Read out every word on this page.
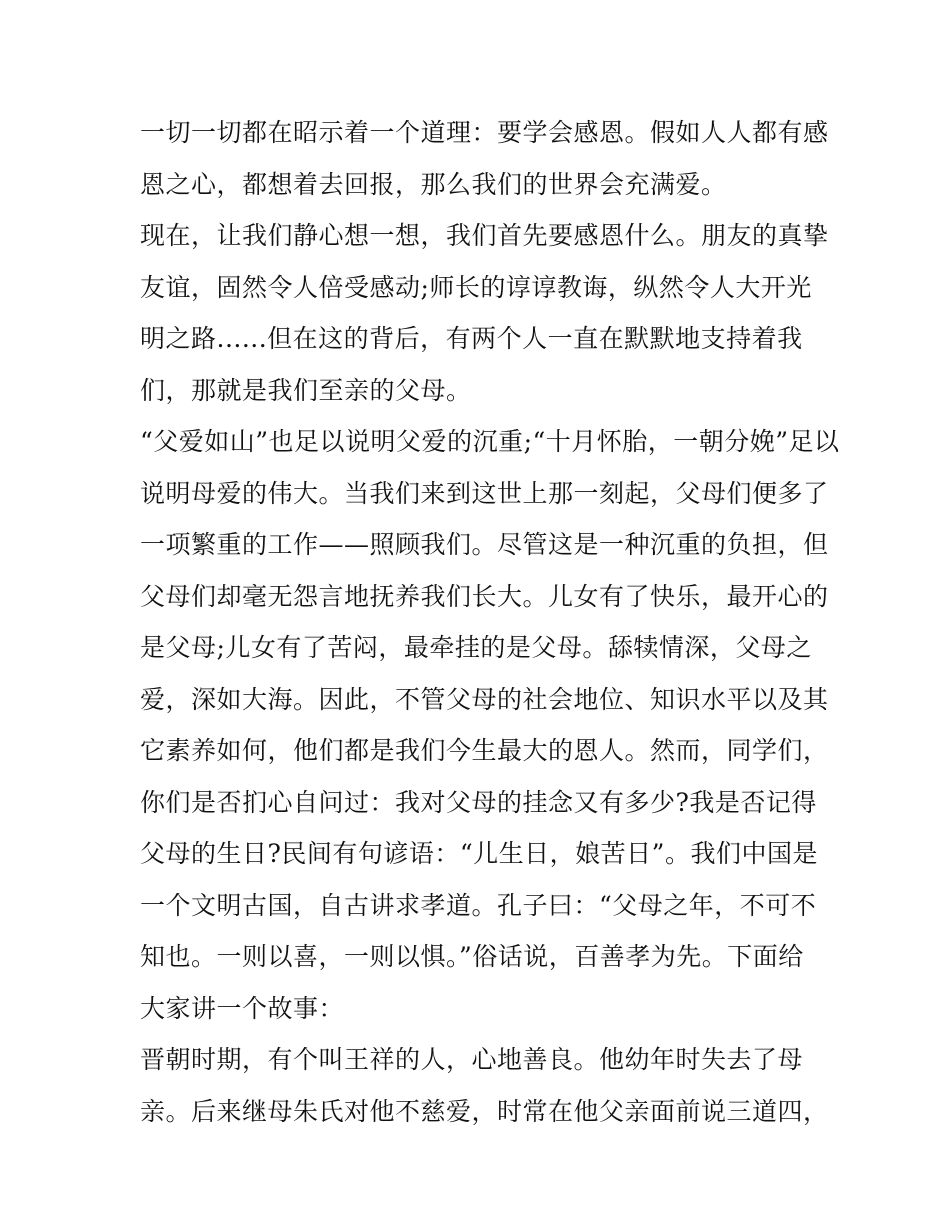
一切一切都在昭示着一个道理：要学会感恩。假如人人都有感
恩之心，都想着去回报，那么我们的世界会充满爱。
现在，让我们静心想一想，我们首先要感恩什么。朋友的真挚
友谊，固然令人倍受感动;师长的谆谆教诲，纵然令人大开光
明之路......但在这的背后，有两个人一直在默默地支持着我
们，那就是我们至亲的父母。
“父爱如山”也足以说明父爱的沉重;“十月怀胎，一朝分娩”足以
说明母爱的伟大。当我们来到这世上那一刻起，父母们便多了
一项繁重的工作——照顾我们。尽管这是一种沉重的负担，但
父母们却毫无怨言地抚养我们长大。儿女有了快乐，最开心的
是父母;儿女有了苦闷，最牵挂的是父母。舔犊情深，父母之
爱，深如大海。因此，不管父母的社会地位、知识水平以及其
它素养如何，他们都是我们今生最大的恩人。然而，同学们，
你们是否扪心自问过：我对父母的挂念又有多少?我是否记得
父母的生日?民间有句谚语：“儿生日，娘苦日”。我们中国是
一个文明古国，自古讲求孝道。孔子曰：“父母之年，不可不
知也。一则以喜，一则以惧。”俗话说，百善孝为先。下面给
大家讲一个故事：
晋朝时期，有个叫王祥的人，心地善良。他幼年时失去了母
亲。后来继母朱氏对他不慈爱，时常在他父亲面前说三道四，
